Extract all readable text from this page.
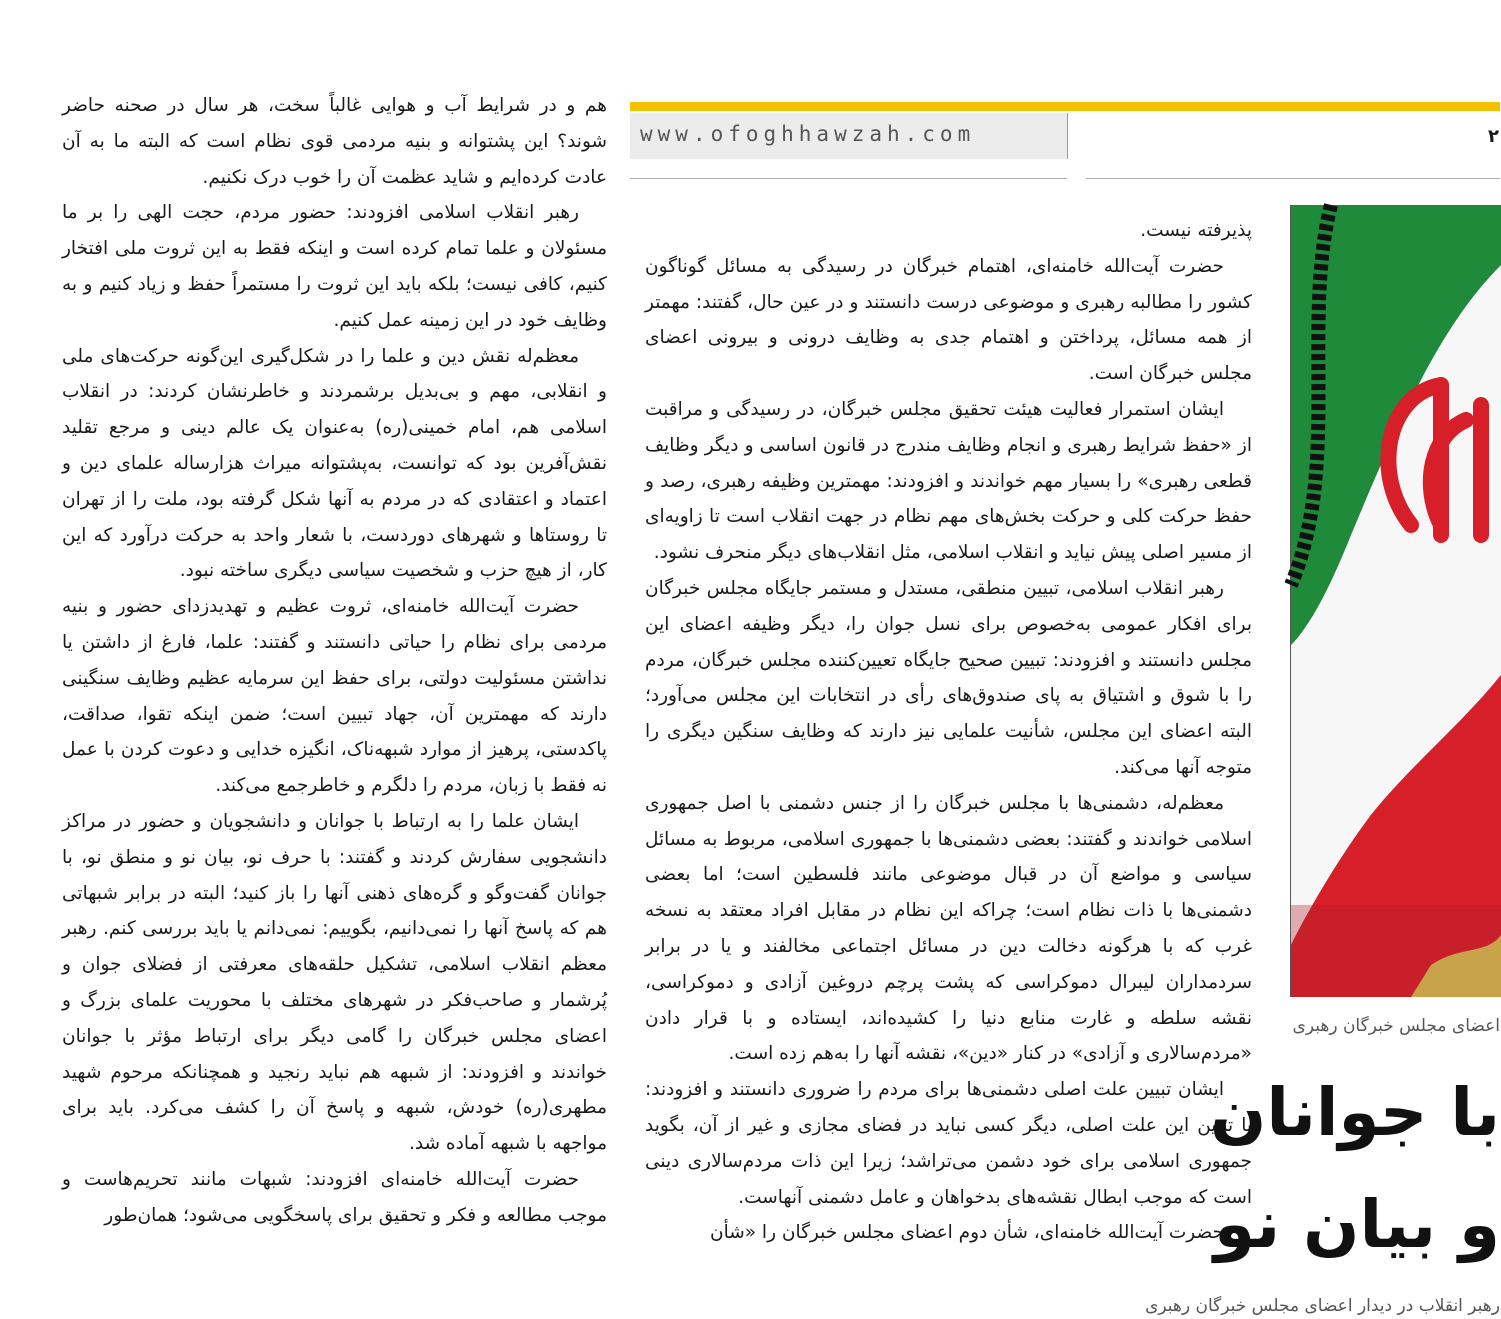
www.ofoghhawzah.com	۲

هم و در شرایط آب و هوایی غالباً سخت، هر سال در صحنه حاضر شوند؟ این پشتوانه و بنیه مردمی قوی نظام است که البته ما به آن عادت کرده‌ایم و شاید عظمت آن را خوب درک نکنیم.

رهبر انقلاب اسلامی افزودند: حضور مردم، حجت الهی را بر ما مسئولان و علما تمام کرده است و اینکه فقط به این ثروت ملی افتخار کنیم، کافی نیست؛ بلکه باید این ثروت را مستمراً حفظ و زیاد کنیم و به وظایف خود در این زمینه عمل کنیم.

معظم‌له نقش دین و علما را در شکل‌گیری این‌گونه حرکت‌های ملی و انقلابی، مهم و بی‌بدیل برشمردند و خاطرنشان کردند: در انقلاب اسلامی هم، امام خمینی(ره) به‌عنوان یک عالم دینی و مرجع تقلید نقش‌آفرین بود که توانست، به‌پشتوانه میراث هزارساله علمای دین و اعتماد و اعتقادی که در مردم به آنها شکل گرفته بود، ملت را از تهران تا روستاها و شهرهای دوردست، با شعار واحد به حرکت درآورد که این کار، از هیچ حزب و شخصیت سیاسی دیگری ساخته نبود.

حضرت آیت‌الله خامنه‌ای، ثروت عظیم و تهدیدزدای حضور و بنیه مردمی برای نظام را حیاتی دانستند و گفتند: علما، فارغ از داشتن یا نداشتن مسئولیت دولتی، برای حفظ این سرمایه عظیم وظایف سنگینی دارند که مهمترین آن، جهاد تبیین است؛ ضمن اینکه تقوا، صداقت، پاکدستی، پرهیز از موارد شبهه‌ناک، انگیزه خدایی و دعوت کردن با عمل نه فقط با زبان، مردم را دلگرم و خاطرجمع می‌کند.

ایشان علما را به ارتباط با جوانان و دانشجویان و حضور در مراکز دانشجویی سفارش کردند و گفتند: با حرف نو، بیان نو و منطق نو، با جوانان گفت‌وگو و گره‌های ذهنی آنها را باز کنید؛ البته در برابر شبهاتی هم که پاسخ آنها را نمی‌دانیم، بگوییم: نمی‌دانم یا باید بررسی کنم. رهبر معظم انقلاب اسلامی، تشکیل حلقه‌های معرفتی از فضلای جوان و پُرشمار و صاحب‌فکر در شهرهای مختلف با محوریت علمای بزرگ و اعضای مجلس خبرگان را گامی دیگر برای ارتباط مؤثر با جوانان خواندند و افزودند: از شبهه هم نباید رنجید و همچنانکه مرحوم شهید مطهری(ره) خودش، شبهه و پاسخ آن را کشف می‌کرد. باید برای مواجهه با شبهه آماده شد.

حضرت آیت‌الله خامنه‌ای افزودند: شبهات مانند تحریم‌هاست و موجب مطالعه و فکر و تحقیق برای پاسخگویی می‌شود؛ همان‌طور

پذیرفته نیست.

حضرت آیت‌الله خامنه‌ای، اهتمام خبرگان در رسیدگی به مسائل گوناگون کشور را مطالبه رهبری و موضوعی درست دانستند و در عین حال، گفتند: مهمتر از همه مسائل، پرداختن و اهتمام جدی به وظایف درونی و بیرونی اعضای مجلس خبرگان است.

ایشان استمرار فعالیت هیئت تحقیق مجلس خبرگان، در رسیدگی و مراقبت از «حفظ شرایط رهبری و انجام وظایف مندرج در قانون اساسی و دیگر وظایف قطعی رهبری» را بسیار مهم خواندند و افزودند: مهمترین وظیفه رهبری، رصد و حفظ حرکت کلی و حرکت بخش‌های مهم نظام در جهت انقلاب است تا زاویه‌ای از مسیر اصلی پیش نیاید و انقلاب اسلامی، مثل انقلاب‌های دیگر منحرف نشود.

رهبر انقلاب اسلامی، تبیین منطقی، مستدل و مستمر جایگاه مجلس خبرگان برای افکار عمومی به‌خصوص برای نسل جوان را، دیگر وظیفه اعضای این مجلس دانستند و افزودند: تبیین صحیح جایگاه تعیین‌کننده مجلس خبرگان، مردم را با شوق و اشتیاق به پای صندوق‌های رأی در انتخابات این مجلس می‌آورد؛ البته اعضای این مجلس، شأنیت علمایی نیز دارند که وظایف سنگین دیگری را متوجه آنها می‌کند.

معظم‌له، دشمنی‌ها با مجلس خبرگان را از جنس دشمنی با اصل جمهوری اسلامی خواندند و گفتند: بعضی دشمنی‌ها با جمهوری اسلامی، مربوط به مسائل سیاسی و مواضع آن در قبال موضوعی مانند فلسطین است؛ اما بعضی دشمنی‌ها با ذات نظام است؛ چراکه این نظام در مقابل افراد معتقد به نسخه غرب که با هرگونه دخالت دین در مسائل اجتماعی مخالفند و یا در برابر سردمداران لیبرال دموکراسی که پشت پرچم دروغین آزادی و دموکراسی، نقشه سلطه و غارت منابع دنیا را کشیده‌اند، ایستاده و با قرار دادن «مردم‌سالاری و آزادی» در کنار «دین»، نقشه آنها را به‌هم زده است.

ایشان تبیین علت اصلی دشمنی‌ها برای مردم را ضروری دانستند و افزودند: با تبیین این علت اصلی، دیگر کسی نباید در فضای مجازی و غیر از آن، بگوید جمهوری اسلامی برای خود دشمن می‌تراشد؛ زیرا این ذات مردم‌سالاری دینی است که موجب ابطال نقشه‌های بدخواهان و عامل دشمنی آنهاست.

حضرت آیت‌الله خامنه‌ای، شأن دوم اعضای مجلس خبرگان را «شأن

اعضای مجلس خبرگان رهبری
با جوانان
و بیان نو
رهبر انقلاب در دیدار اعضای مجلس خبرگان رهبری
